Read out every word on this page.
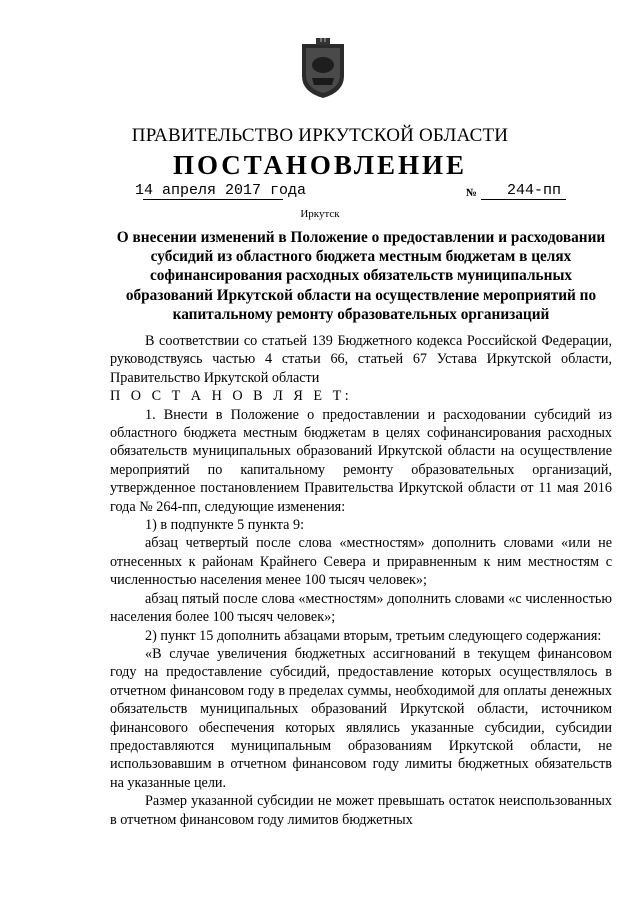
ПРАВИТЕЛЬСТВО ИРКУТСКОЙ ОБЛАСТИ
ПОСТАНОВЛЕНИЕ
14 апреля 2017 года	№ 244-пп
Иркутск
О внесении изменений в Положение о предоставлении и расходовании субсидий из областного бюджета местным бюджетам в целях софинансирования расходных обязательств муниципальных образований Иркутской области на осуществление мероприятий по капитальному ремонту образовательных организаций

В соответствии со статьей 139 Бюджетного кодекса Российской Федерации, руководствуясь частью 4 статьи 66, статьей 67 Устава Иркутской области, Правительство Иркутской области

П О С Т А Н О В Л Я Е Т:

1. Внести в Положение о предоставлении и расходовании субсидий из областного бюджета местным бюджетам в целях софинансирования расходных обязательств муниципальных образований Иркутской области на осуществление мероприятий по капитальному ремонту образовательных организаций, утвержденное постановлением Правительства Иркутской области от 11 мая 2016 года № 264-пп, следующие изменения:

1) в подпункте 5 пункта 9:

абзац четвертый после слова «местностям» дополнить словами «или не отнесенных к районам Крайнего Севера и приравненным к ним местностям с численностью населения менее 100 тысяч человек»;

абзац пятый после слова «местностям» дополнить словами «с численностью населения более 100 тысяч человек»;

2) пункт 15 дополнить абзацами вторым, третьим следующего содержания:

«В случае увеличения бюджетных ассигнований в текущем финансовом году на предоставление субсидий, предоставление которых осуществлялось в отчетном финансовом году в пределах суммы, необходимой для оплаты денежных обязательств муниципальных образований Иркутской области, источником финансового обеспечения которых являлись указанные субсидии, субсидии предоставляются муниципальным образованиям Иркутской области, не использовавшим в отчетном финансовом году лимиты бюджетных обязательств на указанные цели.

Размер указанной субсидии не может превышать остаток неиспользованных в отчетном финансовом году лимитов бюджетных
